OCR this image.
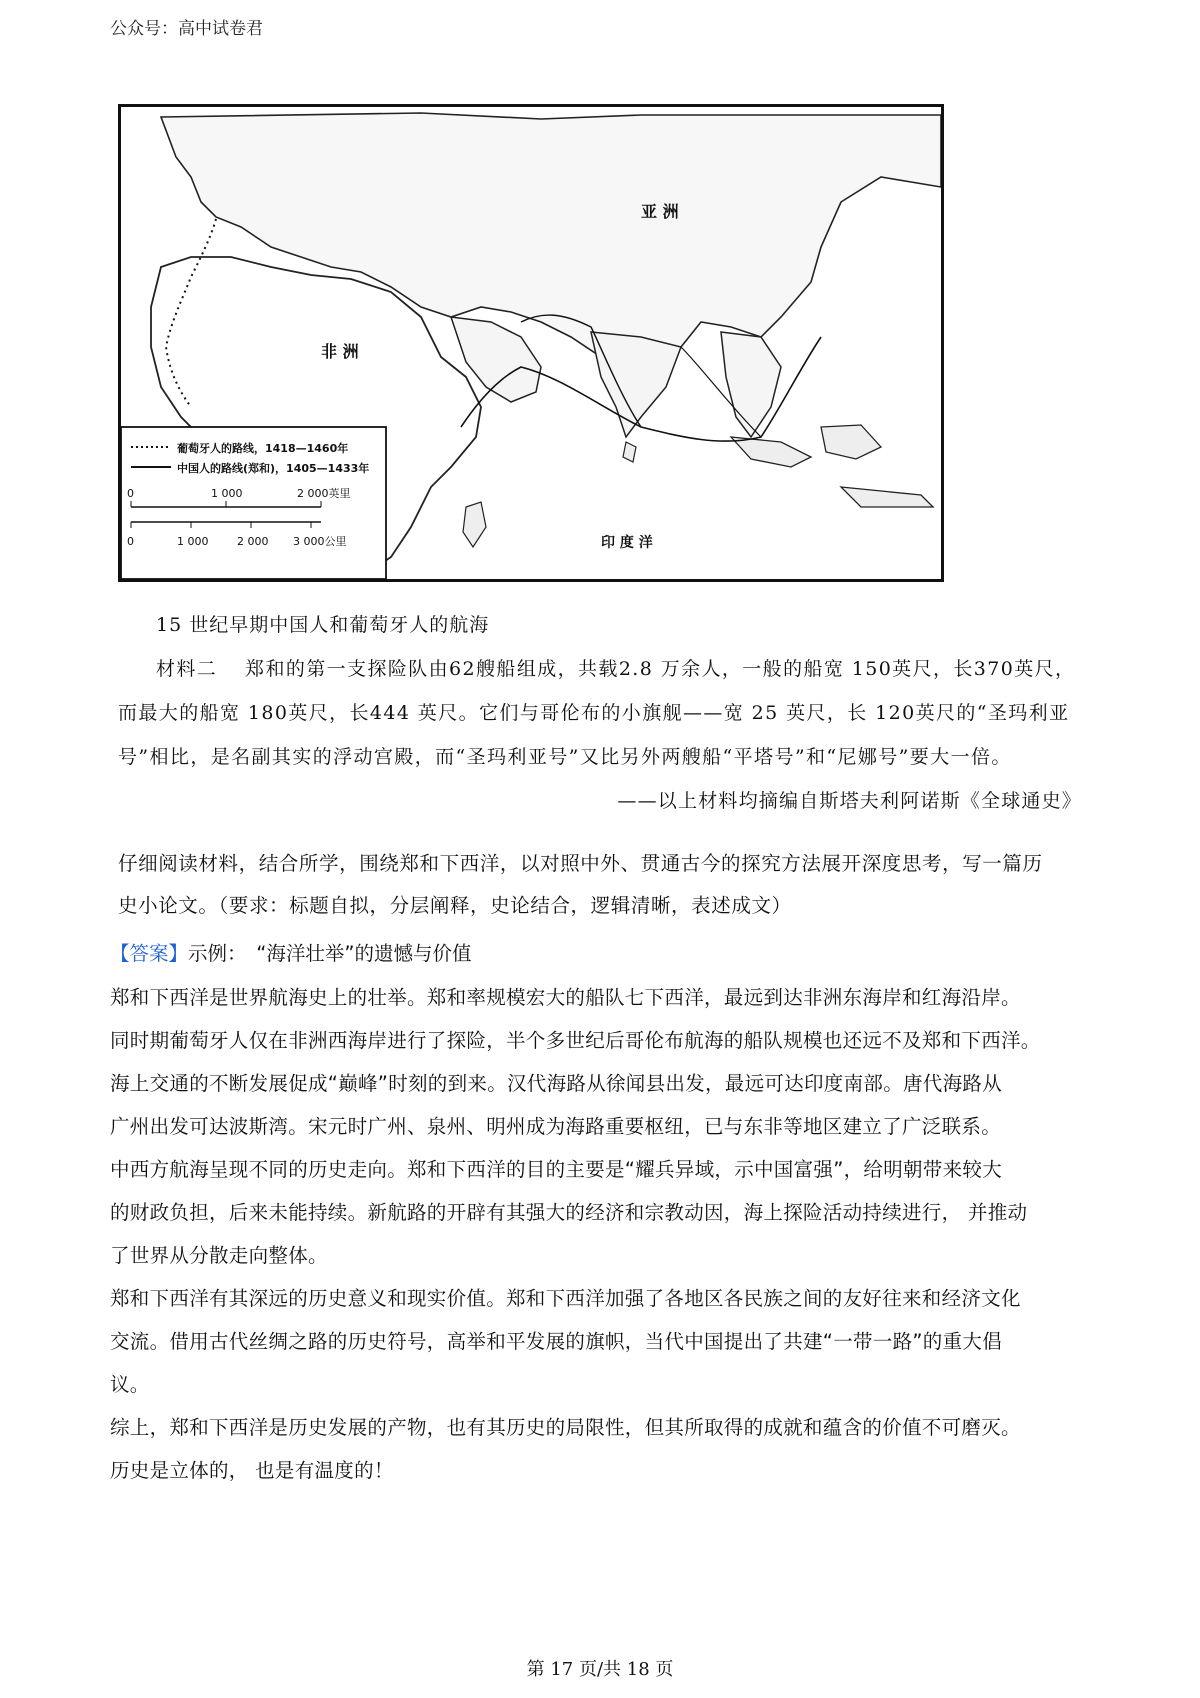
公众号：高中试卷君
亚 洲
非 洲
印 度 洋
葡萄牙人的路线，1418—1460年
中国人的路线(郑和)，1405—1433年
0	1 000	2 000英里
0	1 000	2 000 3 000公里
15 世纪早期中国人和葡萄牙人的航海
材料二　 郑和的第一支探险队由62艘船组成，共载2.8 万余人，一般的船宽 150英尺，长370英尺，
而最大的船宽 180英尺，长444 英尺。它们与哥伦布的小旗舰——宽 25 英尺，长 120英尺的“圣玛利亚
号”相比，是名副其实的浮动宫殿，而“圣玛利亚号”又比另外两艘船“平塔号”和“尼娜号”要大一倍。
——以上材料均摘编自斯塔夫利阿诺斯《全球通史》
仔细阅读材料，结合所学，围绕郑和下西洋，以对照中外、贯通古今的探究方法展开深度思考，写一篇历
史小论文。（要求：标题自拟，分层阐释，史论结合，逻辑清晰，表述成文）
【答案】示例：　“海洋壮举”的遗憾与价值
郑和下西洋是世界航海史上的壮举。郑和率规模宏大的船队七下西洋，最远到达非洲东海岸和红海沿岸。
同时期葡萄牙人仅在非洲西海岸进行了探险，半个多世纪后哥伦布航海的船队规模也还远不及郑和下西洋。
海上交通的不断发展促成“巅峰”时刻的到来。汉代海路从徐闻县出发，最远可达印度南部。唐代海路从
广州出发可达波斯湾。宋元时广州、泉州、明州成为海路重要枢纽，已与东非等地区建立了广泛联系。
中西方航海呈现不同的历史走向。郑和下西洋的目的主要是“耀兵异域，示中国富强”，给明朝带来较大
的财政负担，后来未能持续。新航路的开辟有其强大的经济和宗教动因，海上探险活动持续进行， 并推动
了世界从分散走向整体。
郑和下西洋有其深远的历史意义和现实价值。郑和下西洋加强了各地区各民族之间的友好往来和经济文化
交流。借用古代丝绸之路的历史符号，高举和平发展的旗帜，当代中国提出了共建“一带一路”的重大倡
议。
综上，郑和下西洋是历史发展的产物，也有其历史的局限性，但其所取得的成就和蕴含的价值不可磨灭。
历史是立体的， 也是有温度的！
第 17 页/共 18 页
